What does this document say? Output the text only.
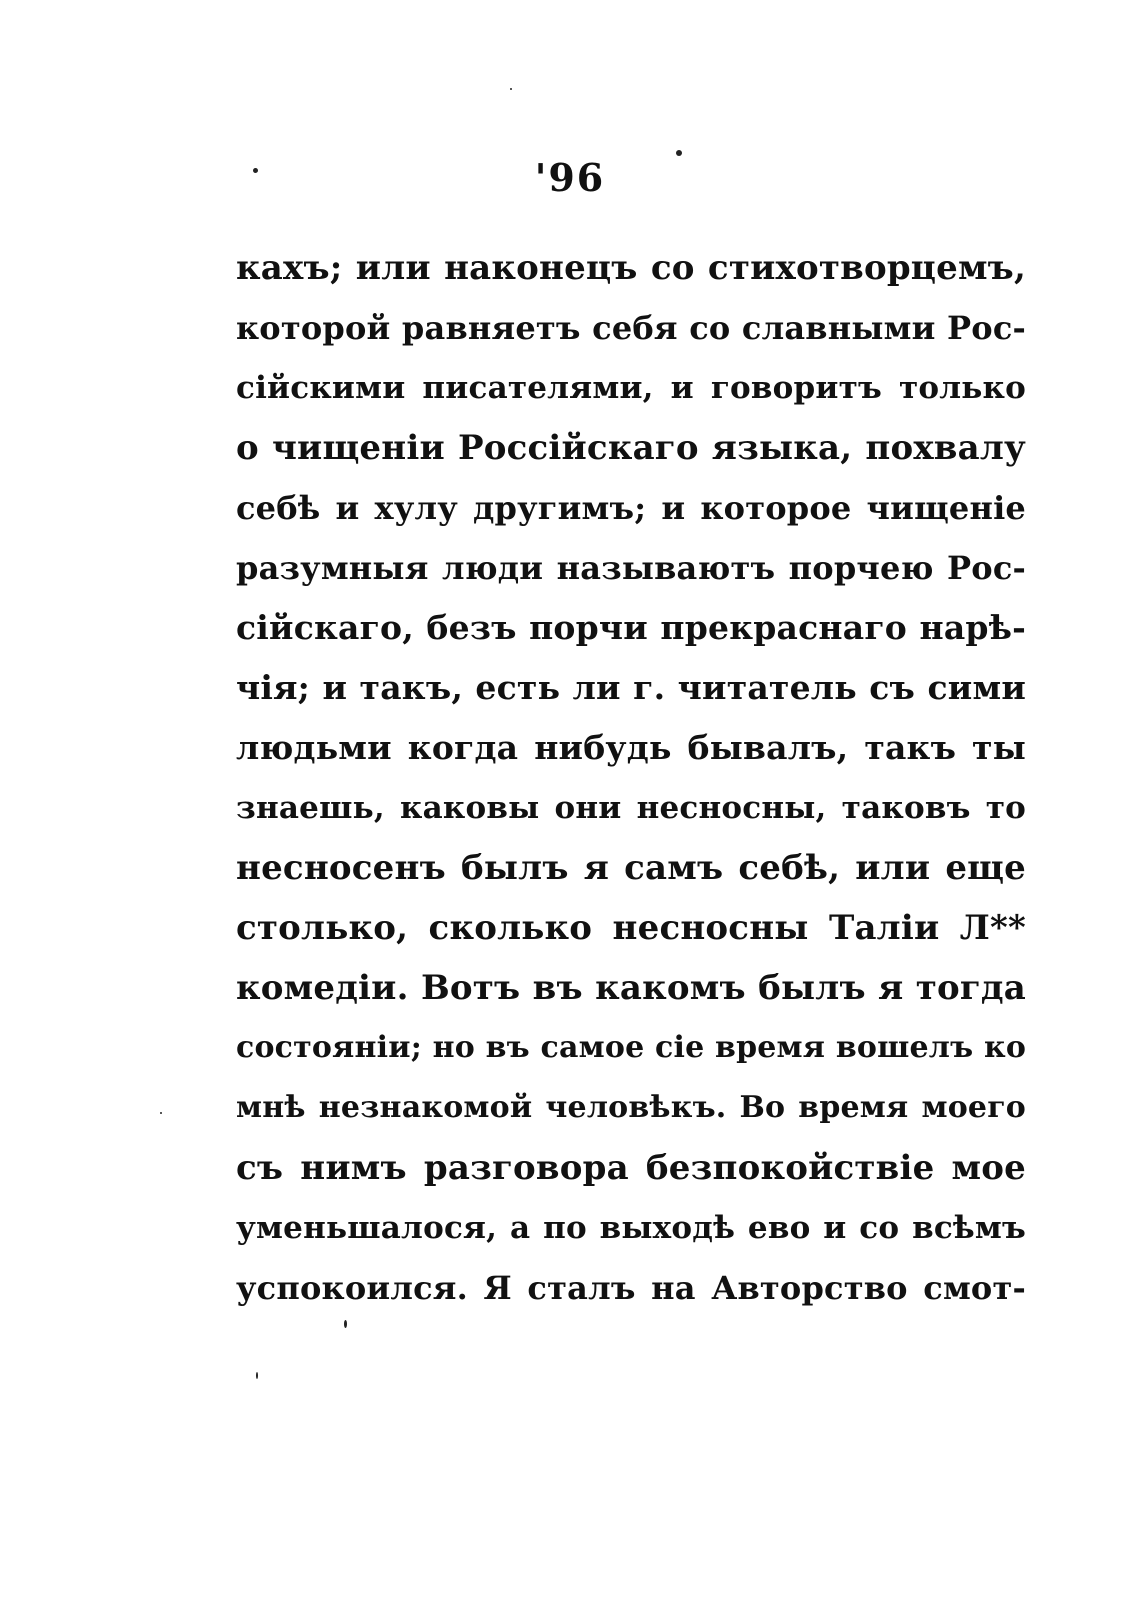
'96
кахъ; или наконецъ со стихотворцемъ,
которой равняетъ себя со славными Рос-
сійскими писателями, и говоритъ только
о чищеніи Россійскаго языка, похвалу
себѣ и хулу другимъ; и которое чищеніе
разумныя люди называютъ порчею Рос-
сійскаго, безъ порчи прекраснаго нарѣ-
чія; и такъ, есть ли г. читатель съ сими
людьми когда нибудь бывалъ, такъ ты
знаешь, каковы они несносны, таковъ то
несносенъ былъ я самъ себѣ, или еще
столько, сколько несносны Таліи Л**
комедіи. Вотъ въ какомъ былъ я тогда
состояніи; но въ самое сіе время вошелъ ко
мнѣ незнакомой человѣкъ. Во время моего
съ нимъ разговора безпокойствіе мое
уменьшалося, а по выходѣ ево и со всѣмъ
успокоился. Я сталъ на Авторство смот-
